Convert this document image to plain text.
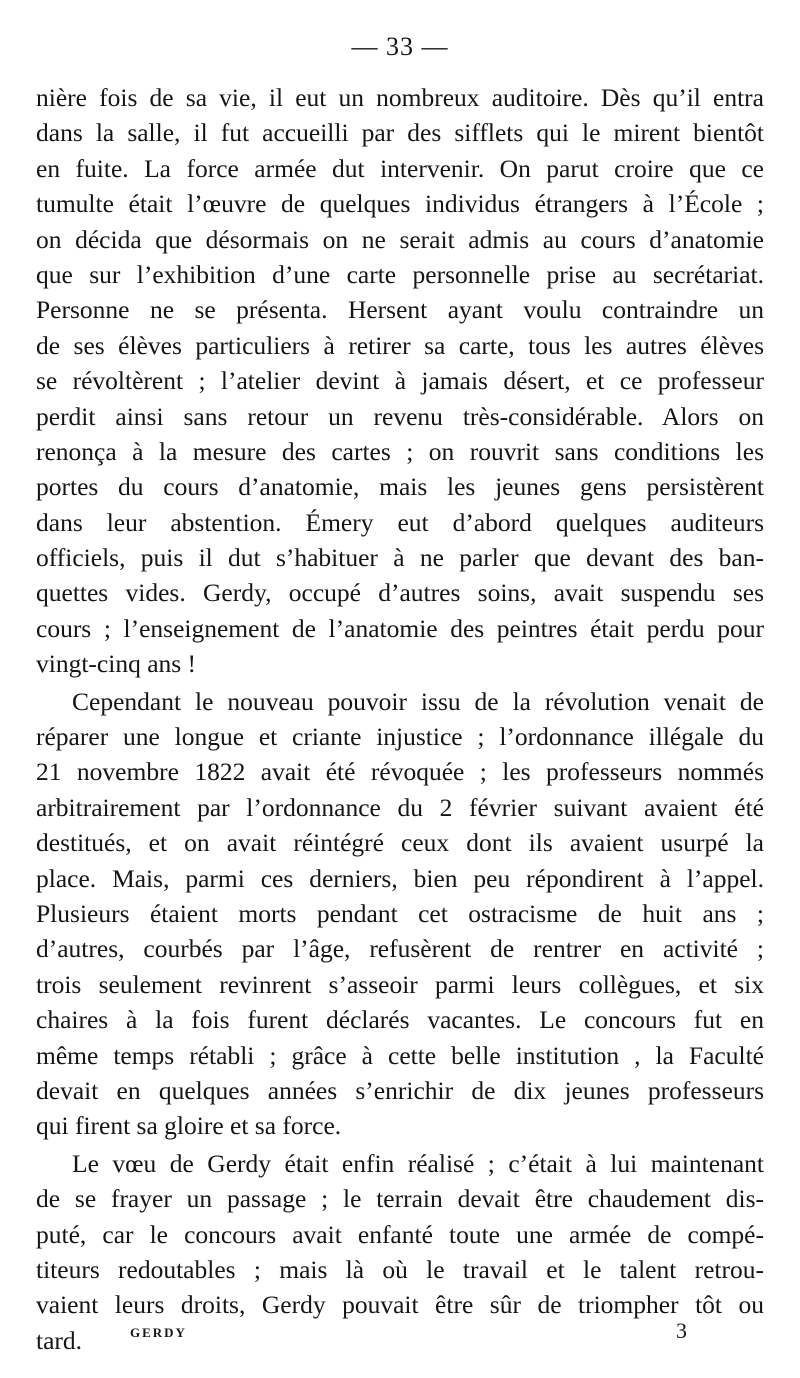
— 33 —

nière fois de sa vie, il eut un nombreux auditoire. Dès qu’il entra
dans la salle, il fut accueilli par des sifflets qui le mirent bientôt
en fuite. La force armée dut intervenir. On parut croire que ce
tumulte était l’œuvre de quelques individus étrangers à l’École ;
on décida que désormais on ne serait admis au cours d’anatomie
que sur l’exhibition d’une carte personnelle prise au secrétariat.
Personne ne se présenta. Hersent ayant voulu contraindre un
de ses élèves particuliers à retirer sa carte, tous les autres élèves
se révoltèrent ; l’atelier devint à jamais désert, et ce professeur
perdit ainsi sans retour un revenu très-considérable. Alors on
renonça à la mesure des cartes ; on rouvrit sans conditions les
portes du cours d’anatomie, mais les jeunes gens persistèrent
dans leur abstention. Émery eut d’abord quelques auditeurs
officiels, puis il dut s’habituer à ne parler que devant des ban-
quettes vides. Gerdy, occupé d’autres soins, avait suspendu ses
cours ; l’enseignement de l’anatomie des peintres était perdu pour
vingt-cinq ans !

Cependant le nouveau pouvoir issu de la révolution venait de
réparer une longue et criante injustice ; l’ordonnance illégale du
21 novembre 1822 avait été révoquée ; les professeurs nommés
arbitrairement par l’ordonnance du 2 février suivant avaient été
destitués, et on avait réintégré ceux dont ils avaient usurpé la
place. Mais, parmi ces derniers, bien peu répondirent à l’appel.
Plusieurs étaient morts pendant cet ostracisme de huit ans ;
d’autres, courbés par l’âge, refusèrent de rentrer en activité ;
trois seulement revinrent s’asseoir parmi leurs collègues, et six
chaires à la fois furent déclarés vacantes. Le concours fut en
même temps rétabli ; grâce à cette belle institution , la Faculté
devait en quelques années s’enrichir de dix jeunes professeurs
qui firent sa gloire et sa force.

Le vœu de Gerdy était enfin réalisé ; c’était à lui maintenant
de se frayer un passage ; le terrain devait être chaudement dis-
puté, car le concours avait enfanté toute une armée de compé-
titeurs redoutables ; mais là où le travail et le talent retrou-
vaient leurs droits, Gerdy pouvait être sûr de triompher tôt ou
tard.	GERDY	3
